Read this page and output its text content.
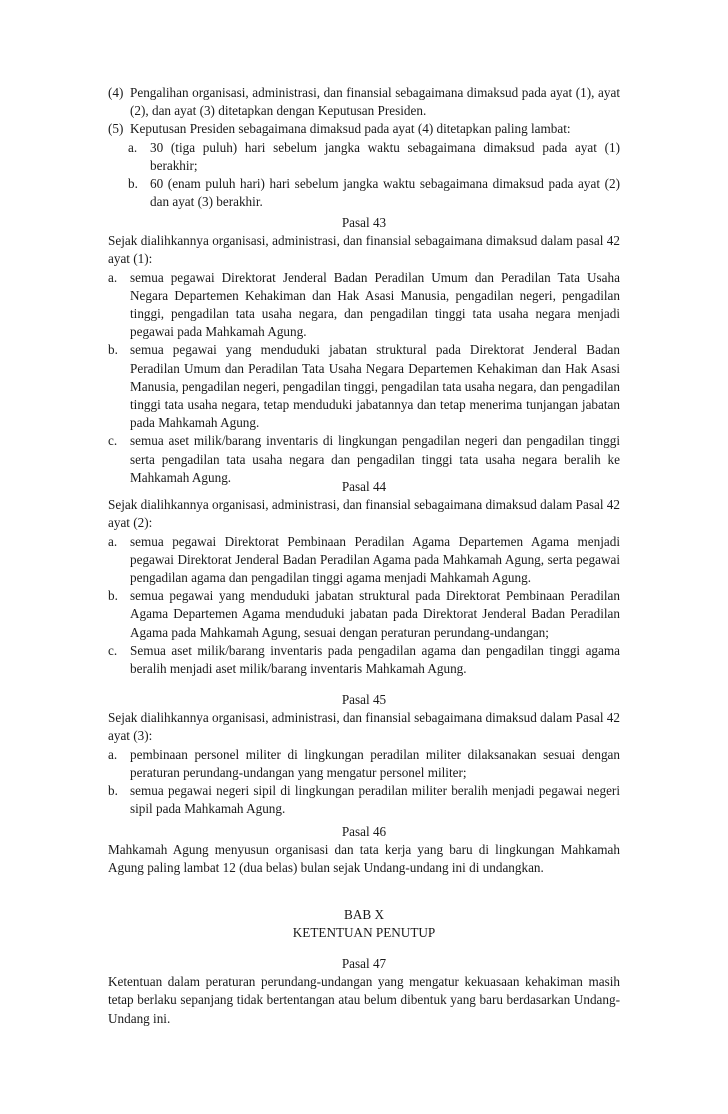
(4) Pengalihan organisasi, administrasi, dan finansial sebagaimana dimaksud pada ayat (1), ayat (2), dan ayat (3) ditetapkan dengan Keputusan Presiden.
(5) Keputusan Presiden sebagaimana dimaksud pada ayat (4) ditetapkan paling lambat:
a. 30 (tiga puluh) hari sebelum jangka waktu sebagaimana dimaksud pada ayat (1) berakhir;
b. 60 (enam puluh hari) hari sebelum jangka waktu sebagaimana dimaksud pada ayat (2) dan ayat (3) berakhir.
Pasal 43
Sejak dialihkannya organisasi, administrasi, dan finansial sebagaimana dimaksud dalam pasal 42 ayat (1):
a. semua pegawai Direktorat Jenderal Badan Peradilan Umum dan Peradilan Tata Usaha Negara Departemen Kehakiman dan Hak Asasi Manusia, pengadilan negeri, pengadilan tinggi, pengadilan tata usaha negara, dan pengadilan tinggi tata usaha negara menjadi pegawai pada Mahkamah Agung.
b. semua pegawai yang menduduki jabatan struktural pada Direktorat Jenderal Badan Peradilan Umum dan Peradilan Tata Usaha Negara Departemen Kehakiman dan Hak Asasi Manusia, pengadilan negeri, pengadilan tinggi, pengadilan tata usaha negara, dan pengadilan tinggi tata usaha negara, tetap menduduki jabatannya dan tetap menerima tunjangan jabatan pada Mahkamah Agung.
c. semua aset milik/barang inventaris di lingkungan pengadilan negeri dan pengadilan tinggi serta pengadilan tata usaha negara dan pengadilan tinggi tata usaha negara beralih ke Mahkamah Agung.
Pasal 44
Sejak dialihkannya organisasi, administrasi, dan finansial sebagaimana dimaksud dalam Pasal 42 ayat (2):
a. semua pegawai Direktorat Pembinaan Peradilan Agama Departemen Agama menjadi pegawai Direktorat Jenderal Badan Peradilan Agama pada Mahkamah Agung, serta pegawai pengadilan agama dan pengadilan tinggi agama menjadi Mahkamah Agung.
b. semua pegawai yang menduduki jabatan struktural pada Direktorat Pembinaan Peradilan Agama Departemen Agama menduduki jabatan pada Direktorat Jenderal Badan Peradilan Agama pada Mahkamah Agung, sesuai dengan peraturan perundang-undangan;
c. Semua aset milik/barang inventaris pada pengadilan agama dan pengadilan tinggi agama beralih menjadi aset milik/barang inventaris Mahkamah Agung.
Pasal 45
Sejak dialihkannya organisasi, administrasi, dan finansial sebagaimana dimaksud dalam Pasal 42 ayat (3):
a. pembinaan personel militer di lingkungan peradilan militer dilaksanakan sesuai dengan peraturan perundang-undangan yang mengatur personel militer;
b. semua pegawai negeri sipil di lingkungan peradilan militer beralih menjadi pegawai negeri sipil pada Mahkamah Agung.
Pasal 46
Mahkamah Agung menyusun organisasi dan tata kerja yang baru di lingkungan Mahkamah Agung paling lambat 12 (dua belas) bulan sejak Undang-undang ini di undangkan.
BAB X
KETENTUAN PENUTUP
Pasal 47
Ketentuan dalam peraturan perundang-undangan yang mengatur kekuasaan kehakiman masih tetap berlaku sepanjang tidak bertentangan atau belum dibentuk yang baru berdasarkan Undang-Undang ini.
